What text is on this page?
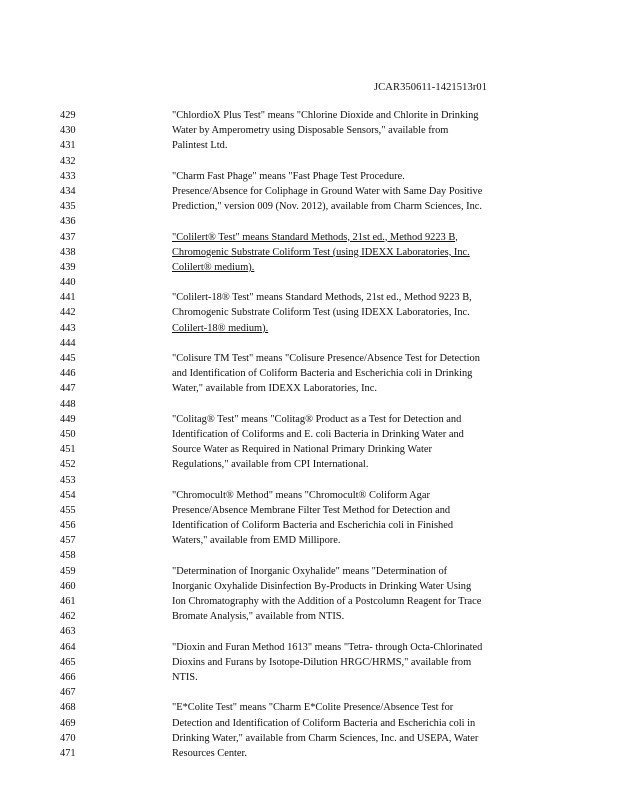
JCAR350611-1421513r01
429	"ChlordioX Plus Test" means "Chlorine Dioxide and Chlorite in Drinking
430	Water by Amperometry using Disposable Sensors," available from
431	Palintest Ltd.
432
433	"Charm Fast Phage" means "Fast Phage Test Procedure.
434	Presence/Absence for Coliphage in Ground Water with Same Day Positive
435	Prediction," version 009 (Nov. 2012), available from Charm Sciences, Inc.
436
437	"Colilert® Test" means Standard Methods, 21st ed., Method 9223 B,
438	Chromogenic Substrate Coliform Test (using IDEXX Laboratories, Inc.
439	Colilert® medium).
440
441	"Colilert-18® Test" means Standard Methods, 21st ed., Method 9223 B,
442	Chromogenic Substrate Coliform Test (using IDEXX Laboratories, Inc.
443	Colilert-18® medium).
444
445	"Colisure TM Test" means "Colisure Presence/Absence Test for Detection
446	and Identification of Coliform Bacteria and Escherichia coli in Drinking
447	Water," available from IDEXX Laboratories, Inc.
448
449	"Colitag® Test" means "Colitag® Product as a Test for Detection and
450	Identification of Coliforms and E. coli Bacteria in Drinking Water and
451	Source Water as Required in National Primary Drinking Water
452	Regulations," available from CPI International.
453
454	"Chromocult® Method" means "Chromocult® Coliform Agar
455	Presence/Absence Membrane Filter Test Method for Detection and
456	Identification of Coliform Bacteria and Escherichia coli in Finished
457	Waters," available from EMD Millipore.
458
459	"Determination of Inorganic Oxyhalide" means "Determination of
460	Inorganic Oxyhalide Disinfection By-Products in Drinking Water Using
461	Ion Chromatography with the Addition of a Postcolumn Reagent for Trace
462	Bromate Analysis," available from NTIS.
463
464	"Dioxin and Furan Method 1613" means "Tetra- through Octa-Chlorinated
465	Dioxins and Furans by Isotope-Dilution HRGC/HRMS," available from
466	NTIS.
467
468	"E*Colite Test" means "Charm E*Colite Presence/Absence Test for
469	Detection and Identification of Coliform Bacteria and Escherichia coli in
470	Drinking Water," available from Charm Sciences, Inc. and USEPA, Water
471	Resources Center.
